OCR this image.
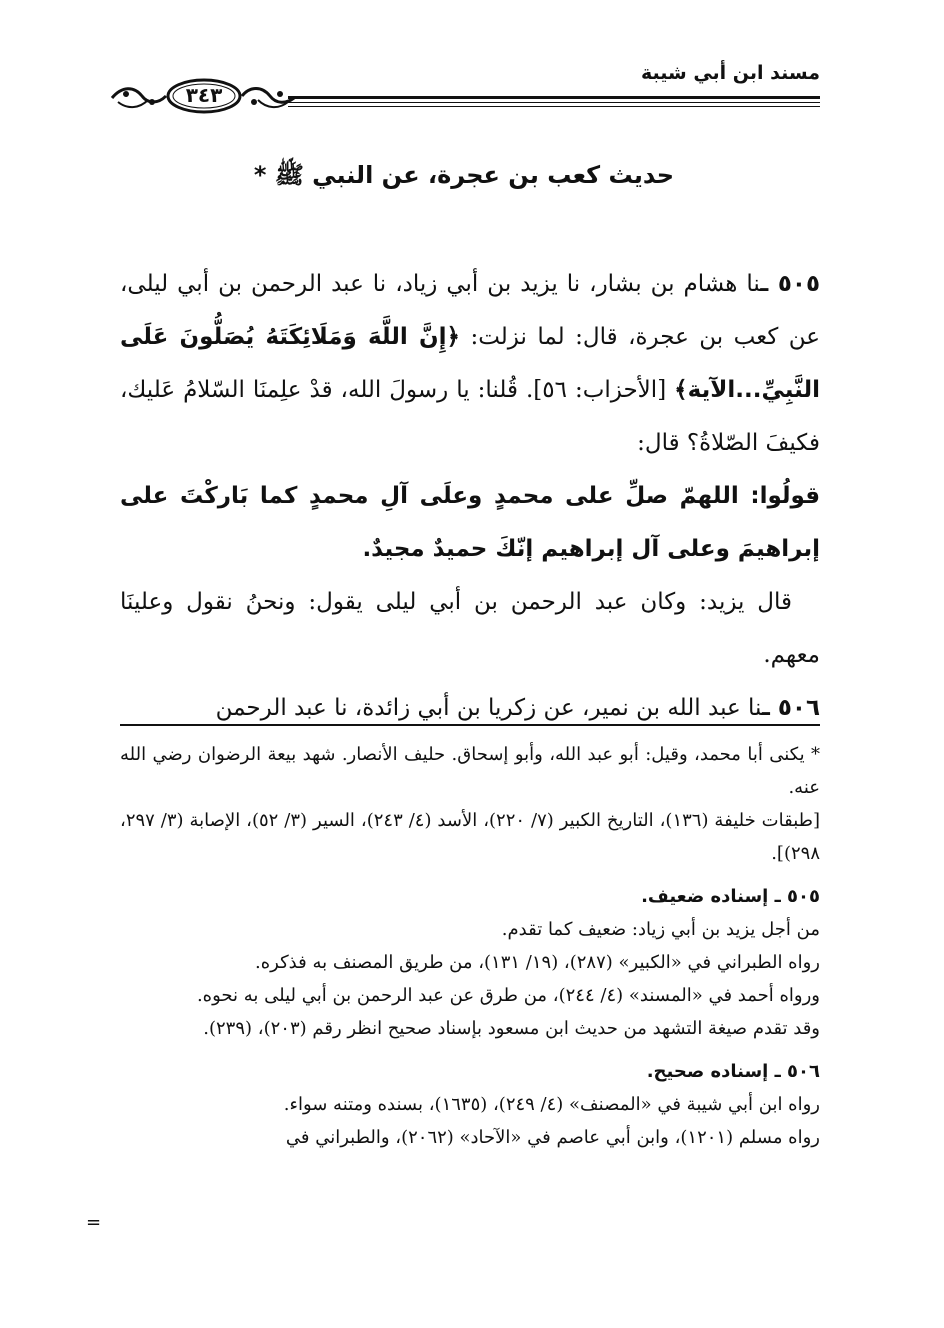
مسند ابن أبي شيبة
٣٤٣
حديث كعب بن عجرة، عن النبي ﷺ *

٥٠٥ ـنا هشام بن بشار، نا يزيد بن أبي زياد، نا عبد الرحمن بن أبي ليلى، عن كعب بن عجرة، قال: لما نزلت: ﴿إِنَّ اللَّهَ وَمَلَائِكَتَهُ يُصَلُّونَ عَلَى النَّبِيِّ...الآية﴾ [الأحزاب: ٥٦]. قُلنا: يا رسولَ الله، قدْ علِمنَا السّلامُ عَليك، فكيفَ الصّلاةُ؟ قال:

قولُوا: اللهمّ صلِّ على محمدٍ وعلَى آلِ محمدٍ كما بَاركْتَ على إبراهيمَ وعلى آل إبراهيم إنّكَ حميدٌ مجيدٌ.

قال يزيد: وكان عبد الرحمن بن أبي ليلى يقول: ونحنُ نقول وعلينَا معهم.

٥٠٦ ـنا عبد الله بن نمير، عن زكريا بن أبي زائدة، نا عبد الرحمن

* يكنى أبا محمد، وقيل: أبو عبد الله، وأبو إسحاق. حليف الأنصار. شهد بيعة الرضوان رضي الله عنه.

[طبقات خليفة (١٣٦)، التاريخ الكبير (٧/ ٢٢٠)، الأسد (٤/ ٢٤٣)، السير (٣/ ٥٢)، الإصابة (٣/ ٢٩٧، ٢٩٨)].

٥٠٥ ـ إسناده ضعيف.

من أجل يزيد بن أبي زياد: ضعيف كما تقدم.

رواه الطبراني في «الكبير» (٢٨٧)، (١٩/ ١٣١)، من طريق المصنف به فذكره.

ورواه أحمد في «المسند» (٤/ ٢٤٤)، من طرق عن عبد الرحمن بن أبي ليلى به نحوه.

وقد تقدم صيغة التشهد من حديث ابن مسعود بإسناد صحيح انظر رقم (٢٠٣)، (٢٣٩).

٥٠٦ ـ إسناده صحيح.

رواه ابن أبي شيبة في «المصنف» (٤/ ٢٤٩)، (١٦٣٥)، بسنده ومتنه سواء.

رواه مسلم (١٢٠١)، وابن أبي عاصم في «الآحاد» (٢٠٦٢)، والطبراني في

=
